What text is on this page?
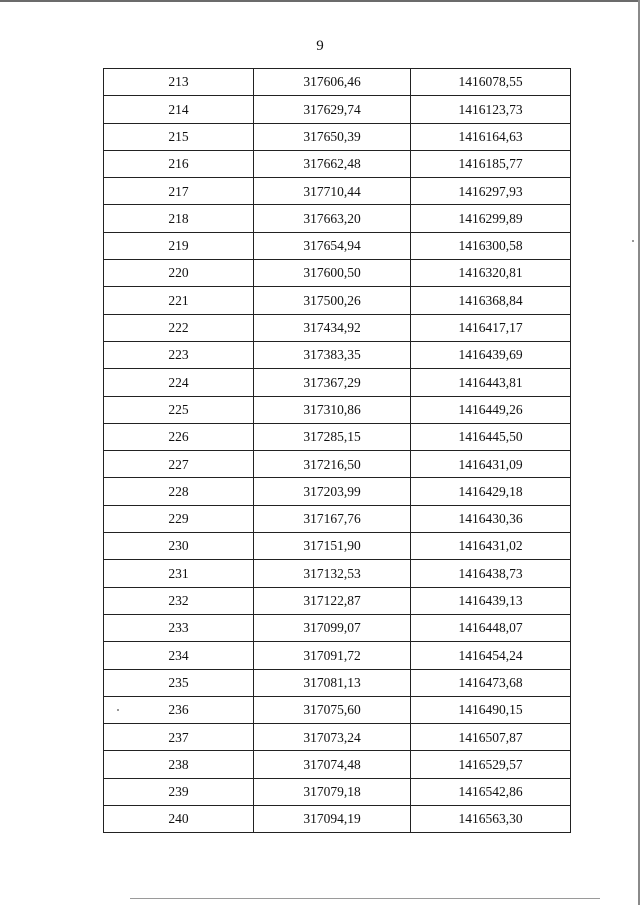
9
213	317606,46	1416078,55
214	317629,74	1416123,73
215	317650,39	1416164,63
216	317662,48	1416185,77
217	317710,44	1416297,93
218	317663,20	1416299,89
219	317654,94	1416300,58
220	317600,50	1416320,81
221	317500,26	1416368,84
222	317434,92	1416417,17
223	317383,35	1416439,69
224	317367,29	1416443,81
225	317310,86	1416449,26
226	317285,15	1416445,50
227	317216,50	1416431,09
228	317203,99	1416429,18
229	317167,76	1416430,36
230	317151,90	1416431,02
231	317132,53	1416438,73
232	317122,87	1416439,13
233	317099,07	1416448,07
234	317091,72	1416454,24
235	317081,13	1416473,68
236	317075,60	1416490,15
237	317073,24	1416507,87
238	317074,48	1416529,57
239	317079,18	1416542,86
240	317094,19	1416563,30
